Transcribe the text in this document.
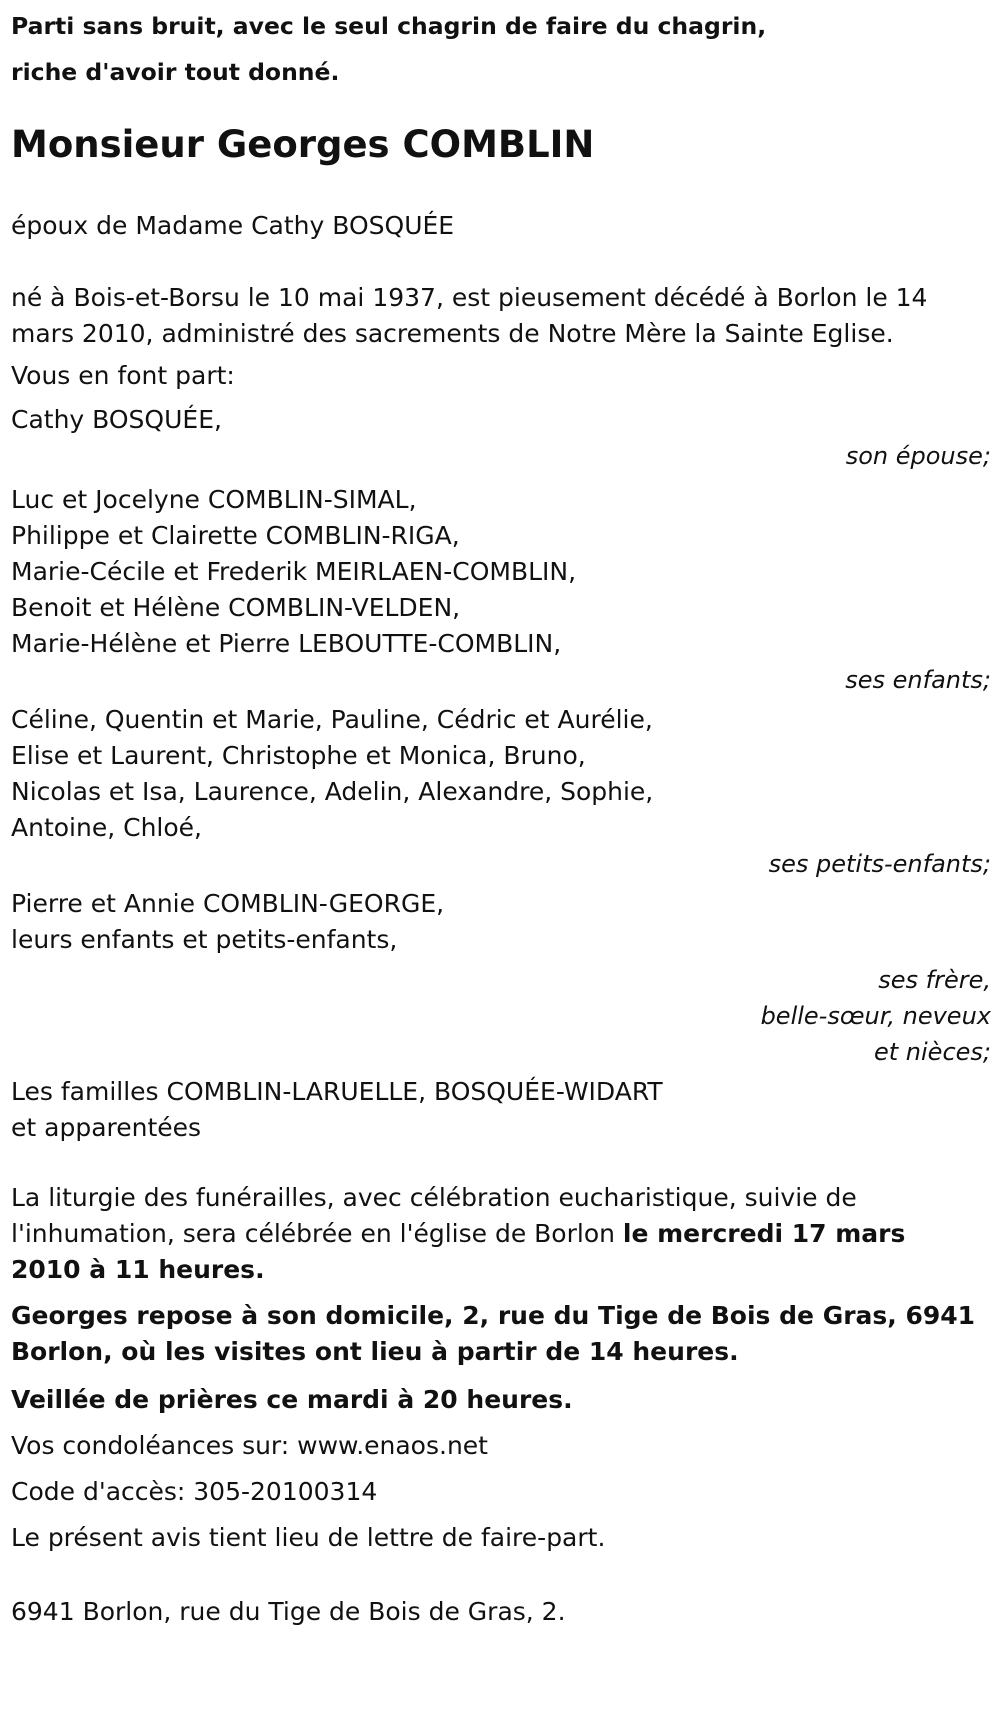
Parti sans bruit, avec le seul chagrin de faire du chagrin,
riche d'avoir tout donné.
Monsieur Georges COMBLIN
époux de Madame Cathy BOSQUÉE
né à Bois-et-Borsu le 10 mai 1937, est pieusement décédé à Borlon le 14
mars 2010, administré des sacrements de Notre Mère la Sainte Eglise.
Vous en font part:
Cathy BOSQUÉE,
son épouse;
Luc et Jocelyne COMBLIN-SIMAL,
Philippe et Clairette COMBLIN-RIGA,
Marie-Cécile et Frederik MEIRLAEN-COMBLIN,
Benoit et Hélène COMBLIN-VELDEN,
Marie-Hélène et Pierre LEBOUTTE-COMBLIN,
ses enfants;
Céline, Quentin et Marie, Pauline, Cédric et Aurélie,
Elise et Laurent, Christophe et Monica, Bruno,
Nicolas et Isa, Laurence, Adelin, Alexandre, Sophie,
Antoine, Chloé,
ses petits-enfants;
Pierre et Annie COMBLIN-GEORGE,
leurs enfants et petits-enfants,
ses frère,
belle-sœur, neveux
et nièces;
Les familles COMBLIN-LARUELLE, BOSQUÉE-WIDART
et apparentées
La liturgie des funérailles, avec célébration eucharistique, suivie de
l'inhumation, sera célébrée en l'église de Borlon le mercredi 17 mars
2010 à 11 heures.
Georges repose à son domicile, 2, rue du Tige de Bois de Gras, 6941
Borlon, où les visites ont lieu à partir de 14 heures.
Veillée de prières ce mardi à 20 heures.
Vos condoléances sur: www.enaos.net
Code d'accès: 305-20100314
Le présent avis tient lieu de lettre de faire-part.
6941 Borlon, rue du Tige de Bois de Gras, 2.
